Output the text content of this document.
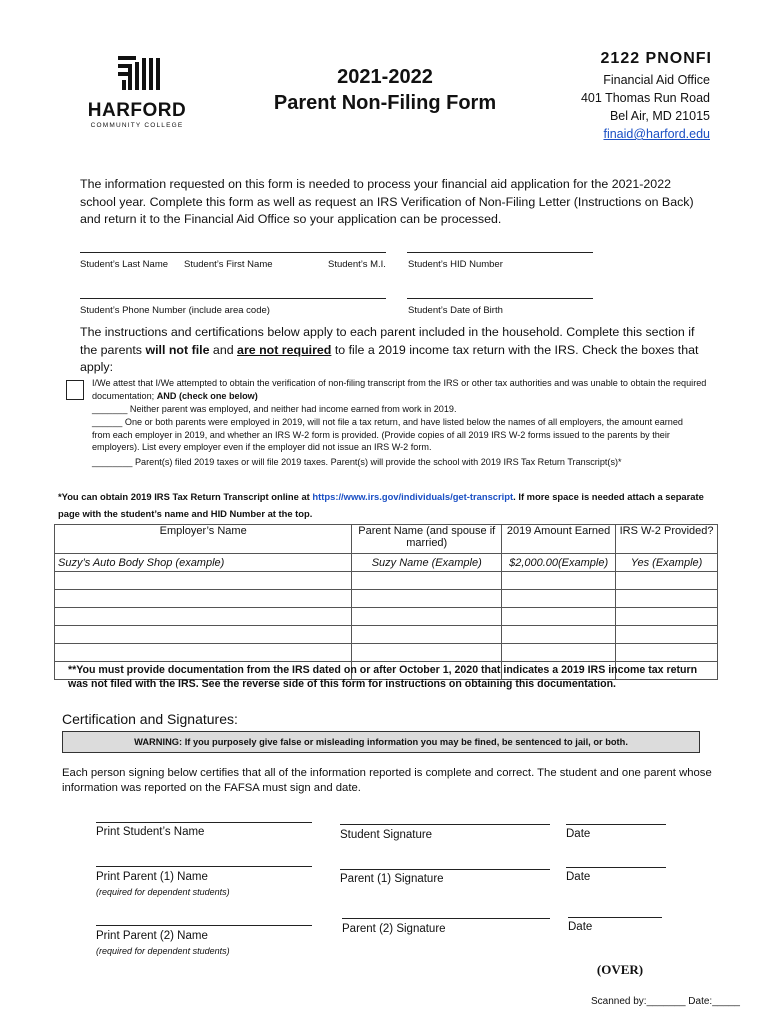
HARFORD
COMMUNITY COLLEGE
2021-2022
Parent Non-Filing Form
2122 PNONFI
Financial Aid Office
401 Thomas Run Road
Bel Air, MD 21015
finaid@harford.edu
The information requested on this form is needed to process your financial aid application for the 2021-2022 school year. Complete this form as well as request an IRS Verification of Non-Filing Letter (Instructions on Back) and return it to the Financial Aid Office so your application can be processed.
Student’s Last Name Student’s First Name	Student’s M.I. Student’s HID Number
Student’s Phone Number (include area code)	Student’s Date of Birth
The instructions and certifications below apply to each parent included in the household. Complete this section if the parents will not file and are not required to file a 2019 income tax return with the IRS. Check the boxes that apply:
I/We attest that I/We attempted to obtain the verification of non-filing transcript from the IRS or other tax authorities and was unable to obtain the required documentation; AND (check one below)
_______ Neither parent was employed, and neither had income earned from work in 2019.
______ One or both parents were employed in 2019, will not file a tax return, and have listed below the names of all employers, the amount earned from each employer in 2019, and whether an IRS W-2 form is provided. (Provide copies of all 2019 IRS W-2 forms issued to the parents by their employers). List every employer even if the employer did not issue an IRS W-2 form.
________ Parent(s) filed 2019 taxes or will file 2019 taxes. Parent(s) will provide the school with 2019 IRS Tax Return Transcript(s)*
*You can obtain 2019 IRS Tax Return Transcript online at https://www.irs.gov/individuals/get-transcript. If more space is needed attach a separate page with the student’s name and HID Number at the top.
Employer’s Name	Parent Name (and spouse if married)	2019 Amount Earned	IRS W-2 Provided?
Suzy’s Auto Body Shop (example)	Suzy Name (Example)	$2,000.00(Example)	Yes (Example)

**You must provide documentation from the IRS dated on or after October 1, 2020 that indicates a 2019 IRS income tax return was not filed with the IRS. See the reverse side of this form for instructions on obtaining this documentation.
Certification and Signatures:
WARNING: If you purposely give false or misleading information you may be fined, be sentenced to jail, or both.
Each person signing below certifies that all of the information reported is complete and correct. The student and one parent whose information was reported on the FAFSA must sign and date.
Print Student’s Name	Student Signature	Date
Print Parent (1) Name
(required for dependent students)
Parent (1) Signature	Date
Print Parent (2) Name
(required for dependent students)
Parent (2) Signature	Date
(OVER)
Scanned by:_______ Date:_____
